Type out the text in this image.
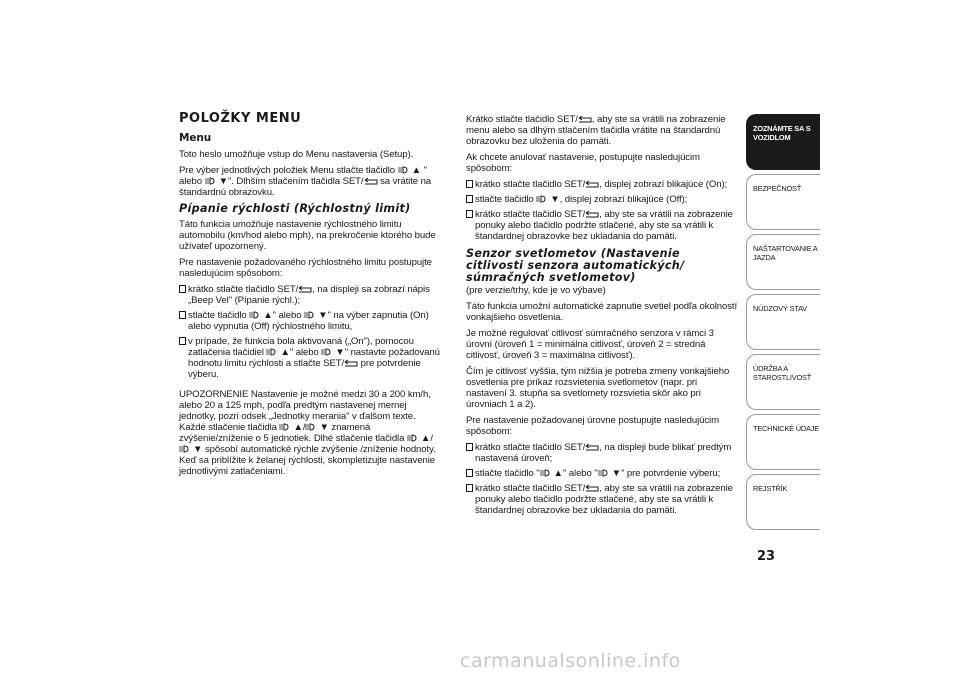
POLOŽKY MENU
Menu

Toto heslo umožňuje vstup do Menu nastavenia (Setup).

Pre výber jednotlivých položiek Menu stlačte tlačidlo ▲ " alebo ▼". Dlhším stlačením tlačidla SET/ sa vrátite na štandardnú obrazovku.

Pípanie rýchlosti (Rýchlostný limit)

Táto funkcia umožňuje nastavenie rýchlostného limitu automobilu (km/hod alebo mph), na prekročenie ktorého bude užívateľ upozornený.

Pre nastavenie požadovaného rýchlostného limitu postupujte nasledujúcim spôsobom:

krátko stlačte tlačidlo SET/ , na displeji sa zobrazí nápis „Beep Vel" (Pípanie rýchl.);
stlačte tlačidlo ▲" alebo ▼" na výber zapnutia (On) alebo vypnutia (Off) rýchlostného limitu,
v prípade, že funkcia bola aktivovaná („On"), pomocou zatlačenia tlačidiel ▲" alebo ▼" nastavte požadovanú hodnotu limitu rýchlosti a stlačte SET/ pre potvrdenie výberu.

UPOZORNENIE Nastavenie je možné medzi 30 a 200 km/h, alebo 20 a 125 mph, podľa predtým nastavenej mernej jednotky, pozri odsek „Jednotky merania" v ďalšom texte. Každé stlačenie tlačidla ▲/ ▼ znamená zvýšenie/zníženie o 5 jednotiek. Dlhé stlačenie tlačidla ▲/
▼ spôsobí automatické rýchle zvýšenie /zníženie hodnoty. Keď sa priblížite k želanej rýchlosti, skompletizujte nastavenie jednotlivými zatlačeniami.

Krátko stlačte tlačidlo SET/ , aby ste sa vrátili na zobrazenie menu alebo sa dlhým stlačením tlačidla vrátite na štandardnú obrazovku bez uloženia do pamäti.

Ak chcete anulovať nastavenie, postupujte nasledujúcim spôsobom:

krátko stlačte tlačidlo SET/ , displej zobrazí blikajúce (On);
stlačte tlačidlo ▼, displej zobrazí blikajúce (Off);
krátko stlačte tlačidlo SET/ , aby ste sa vrátili na zobrazenie ponuky alebo tlačidlo podržte stlačené, aby ste sa vrátili k štandardnej obrazovke bez ukladania do pamäti.
Senzor svetlometov (Nastavenie citlivosti senzora automatických/ súmračných svetlometov)

(pre verzie/trhy, kde je vo výbave)

Táto funkcia umožní automatické zapnutie svetiel podľa okolností vonkajšieho osvetlenia.

Je možné regulovať citlivosť súmračného senzora v rámci 3 úrovní (úroveň 1 = minimálna citlivosť, úroveň 2 = stredná citlivosť, úroveň 3 = maximálna citlivosť).

Čím je citlivosť vyššia, tým nižšia je potreba zmeny vonkajšieho osvetlenia pre príkaz rozsvietenia svetlometov (napr. pri nastavení 3. stupňa sa svetlomety rozsvietia skôr ako pri úrovniach 1 a 2).

Pre nastavenie požadovanej úrovne postupujte nasledujúcim spôsobom:

krátko stlačte tlačidlo SET/ , na displeji bude blikať predtým nastavená úroveň;
stlačte tlačidlo " ▲" alebo " ▼" pre potvrdenie výberu;
krátko stlačte tlačidlo SET/ , aby ste sa vrátili na zobrazenie ponuky alebo tlačidlo podržte stlačené, aby ste sa vrátili k štandardnej obrazovke bez ukladania do pamäti.
ZOZNÁMTE SA S VOZIDLOM
BEZPEČNOSŤ
NAŠTARTOVANIE A JAZDA
NÚDZOVÝ STAV
ÚDRŽBA A STAROSTLIVOSŤ
TECHNICKÉ ÚDAJE
REJSTŘÍK
23
carmanualsonline.info
